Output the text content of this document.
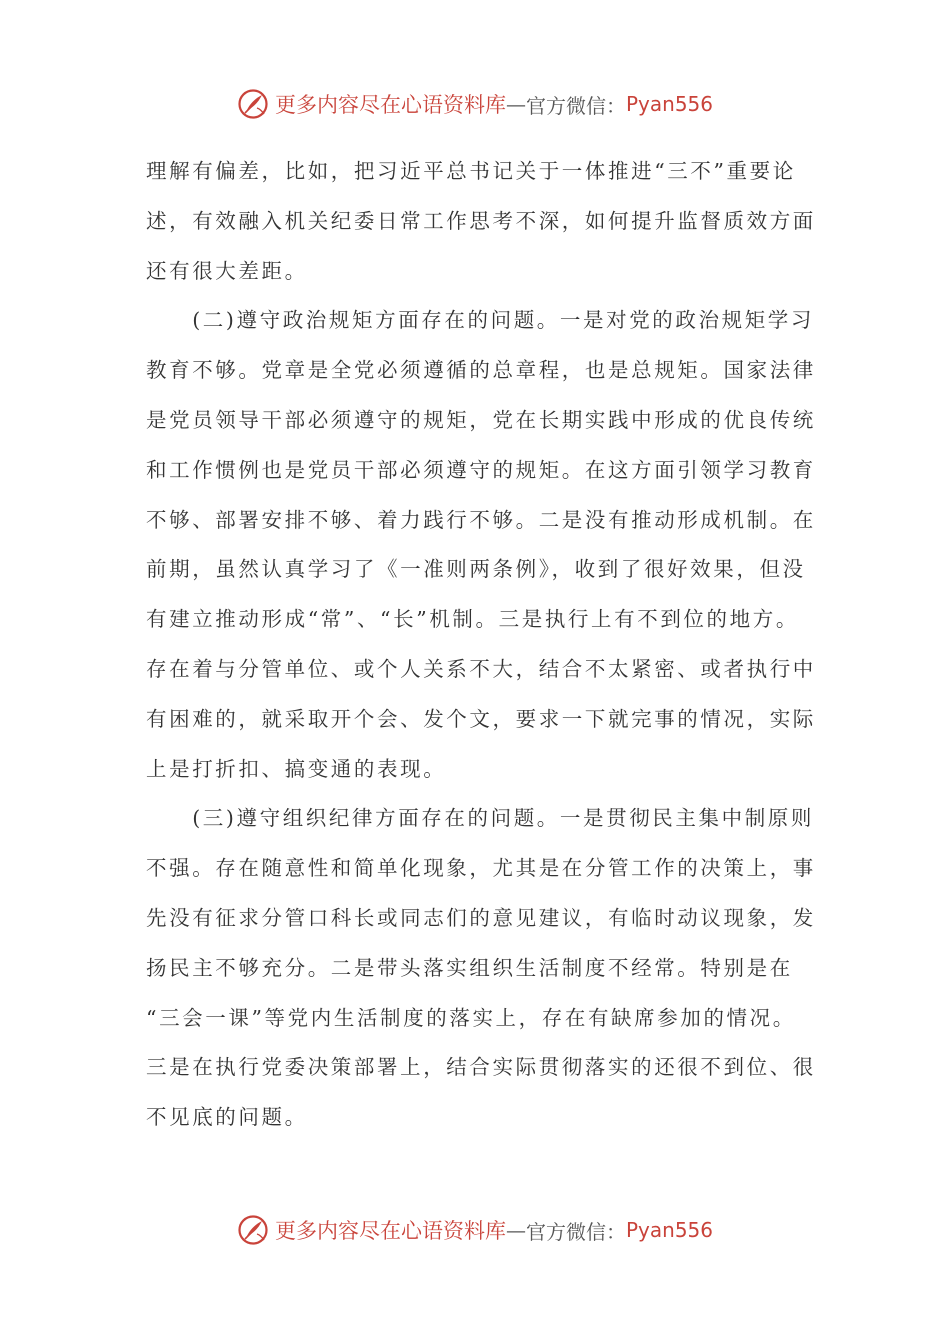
更多内容尽在心语资料库 — 官方微信： Pyan556
理解有偏差，比如，把习近平总书记关于一体推进“三不”重要论
述，有效融入机关纪委日常工作思考不深，如何提升监督质效方面
还有很大差距。
　　(二)遵守政治规矩方面存在的问题。一是对党的政治规矩学习
教育不够。党章是全党必须遵循的总章程，也是总规矩。国家法律
是党员领导干部必须遵守的规矩，党在长期实践中形成的优良传统
和工作惯例也是党员干部必须遵守的规矩。在这方面引领学习教育
不够、部署安排不够、着力践行不够。二是没有推动形成机制。在
前期，虽然认真学习了《一准则两条例》，收到了很好效果，但没
有建立推动形成“常”、“长”机制。三是执行上有不到位的地方。
存在着与分管单位、或个人关系不大，结合不太紧密、或者执行中
有困难的，就采取开个会、发个文，要求一下就完事的情况，实际
上是打折扣、搞变通的表现。
　　(三)遵守组织纪律方面存在的问题。一是贯彻民主集中制原则
不强。存在随意性和简单化现象，尤其是在分管工作的决策上，事
先没有征求分管口科长或同志们的意见建议，有临时动议现象，发
扬民主不够充分。二是带头落实组织生活制度不经常。特别是在
“三会一课”等党内生活制度的落实上，存在有缺席参加的情况。
三是在执行党委决策部署上，结合实际贯彻落实的还很不到位、很
不见底的问题。
更多内容尽在心语资料库 — 官方微信： Pyan556
